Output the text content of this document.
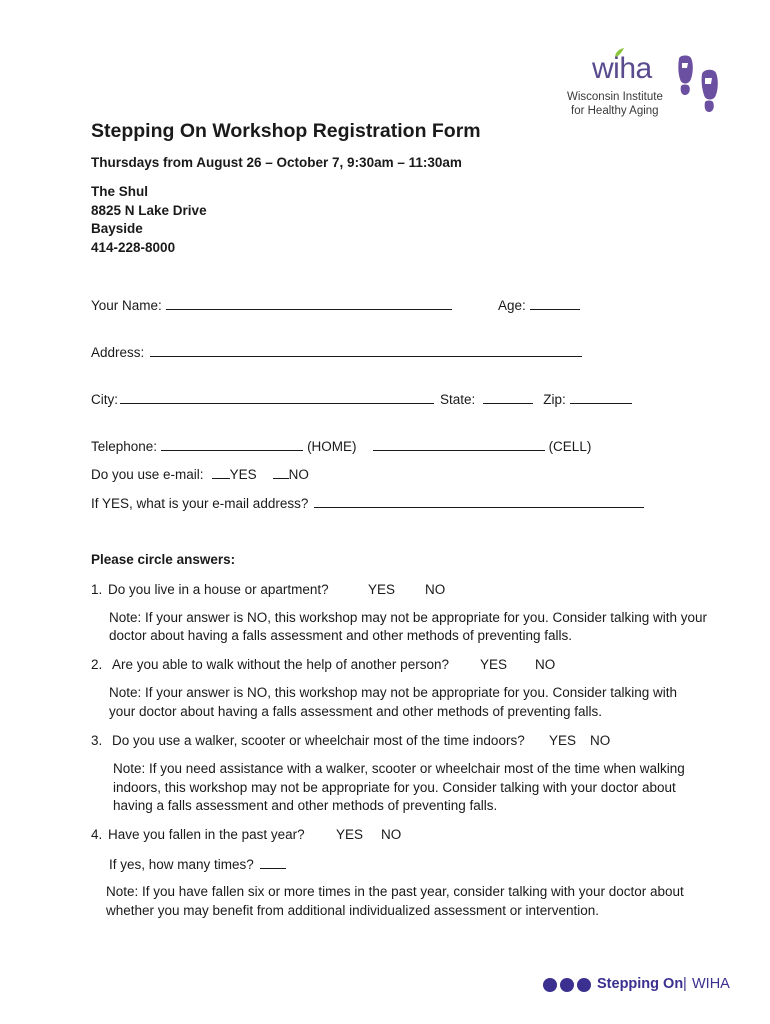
wiha
Wisconsin Institute
for Healthy Aging
Stepping On Workshop Registration Form
Thursdays from August 26 – October 7, 9:30am – 11:30am
The Shul
8825 N Lake Drive
Bayside
414-228-8000
Your Name:	Age:
Address:
City:	State:	Zip:
Telephone:	(HOME)	(CELL)
Do you use e-mail: YES NO
If YES, what is your e-mail address?
Please circle answers:
1. Do you live in a house or apartment?	YES NO
Note: If your answer is NO, this workshop may not be appropriate for you. Consider talking with your
doctor about having a falls assessment and other methods of preventing falls.
2. Are you able to walk without the help of another person? YES NO
Note: If your answer is NO, this workshop may not be appropriate for you. Consider talking with
your doctor about having a falls assessment and other methods of preventing falls.
3. Do you use a walker, scooter or wheelchair most of the time indoors? YES NO
Note: If you need assistance with a walker, scooter or wheelchair most of the time when walking
indoors, this workshop may not be appropriate for you. Consider talking with your doctor about
having a falls assessment and other methods of preventing falls.
4. Have you fallen in the past year? YES NO
If yes, how many times?
Note: If you have fallen six or more times in the past year, consider talking with your doctor about
whether you may benefit from additional individualized assessment or intervention.
Stepping On | WIHA
